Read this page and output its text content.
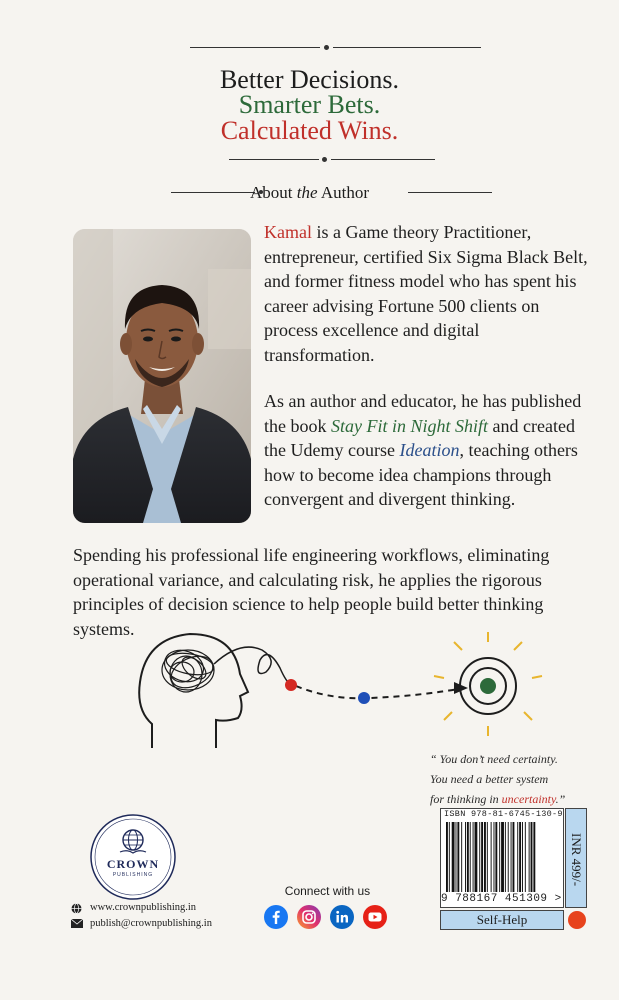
Better Decisions.
Smarter Bets.
Calculated Wins.
About the Author
Kamal is a Game theory Practitioner, entrepreneur, certified Six Sigma Black Belt, and former fitness model who has spent his career advising Fortune 500 clients on process excellence and digital transformation.
As an author and educator, he has published the book Stay Fit in Night Shift and created the Udemy course Ideation, teaching others how to become idea champions through convergent and divergent thinking.
Spending his professional life engineering workflows, eliminating operational variance, and calculating risk, he applies the rigorous principles of decision science to help people build better thinking systems.
“ You don’t need certainty.
You need a better system
for thinking in uncertainty.”
ISBN 978-81-6745-130-9
9 788167 451309 >
INR 499/-
Self-Help
CROWN
PUBLISHING
www.crownpublishing.in
publish@crownpublishing.in
Connect with us
